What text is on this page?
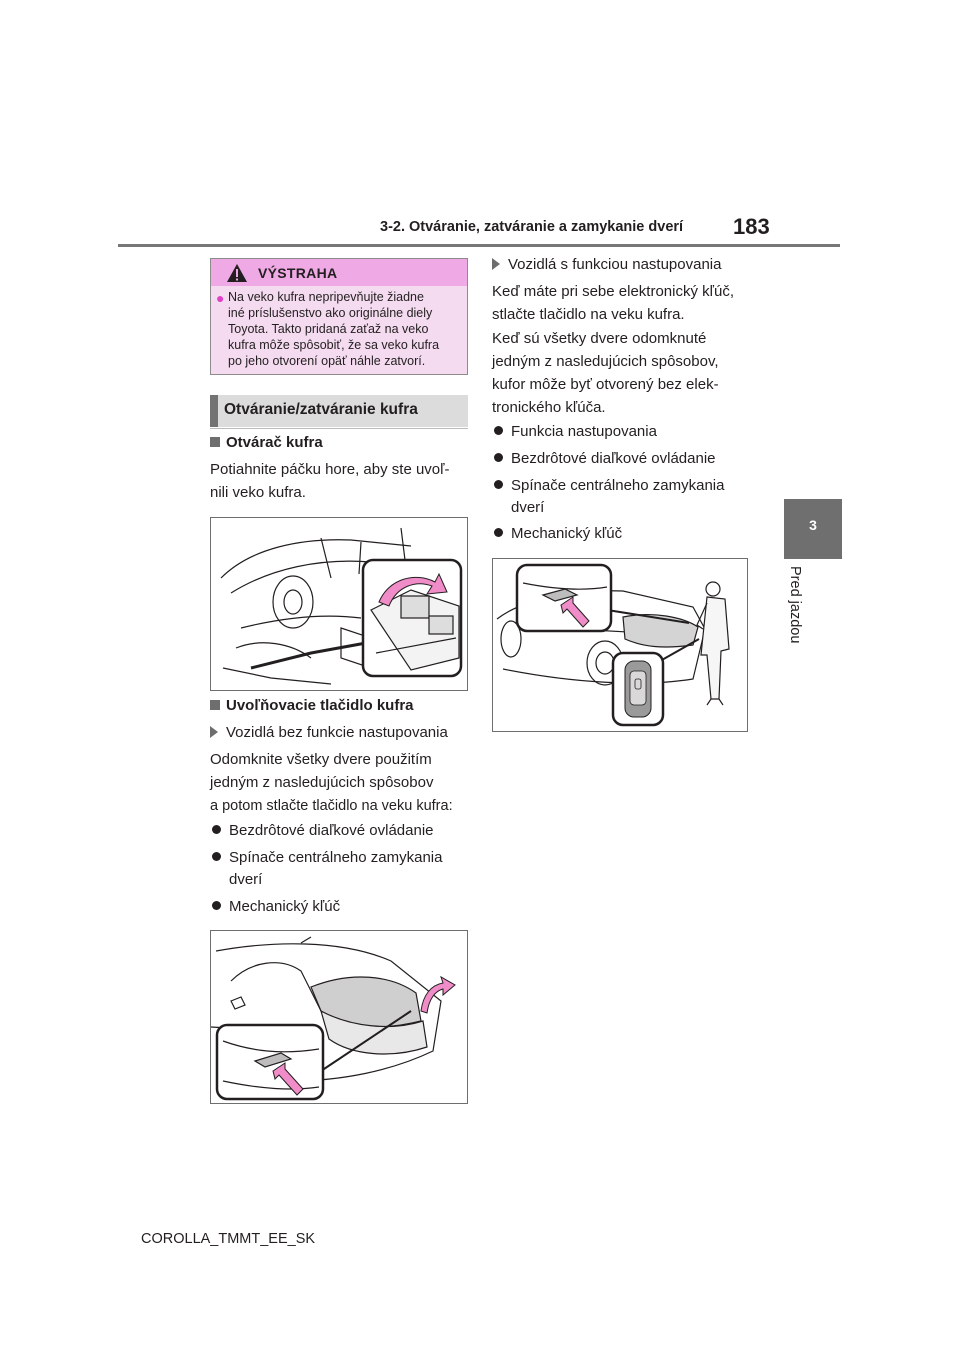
3-2. Otváranie, zatváranie a zamykanie dverí 183
3
Pred jazdou
VÝSTRAHA
● Na veko kufra nepripevňujte žiadne
iné príslušenstvo ako originálne diely
Toyota. Takto pridaná zaťaž na veko
kufra môže spôsobiť, že sa veko kufra
po jeho otvorení opäť náhle zatvorí.
Otváranie/zatváranie kufra
Otvárač kufra
Potiahnite páčku hore, aby ste uvoľ-
nili veko kufra.
Uvoľňovacie tlačidlo kufra
Vozidlá bez funkcie nastupovania
Odomknite všetky dvere použitím
jedným z nasledujúcich spôsobov
a potom stlačte tlačidlo na veku kufra:
Bezdrôtové diaľkové ovládanie
Spínače centrálneho zamykania
dverí
Mechanický kľúč
Vozidlá s funkciou nastupovania
Keď máte pri sebe elektronický kľúč,
stlačte tlačidlo na veku kufra.
Keď sú všetky dvere odomknuté
jedným z nasledujúcich spôsobov,
kufor môže byť otvorený bez elek-
tronického kľúča.
Funkcia nastupovania
Bezdrôtové diaľkové ovládanie
Spínače centrálneho zamykania
dverí
Mechanický kľúč
COROLLA_TMMT_EE_SK
